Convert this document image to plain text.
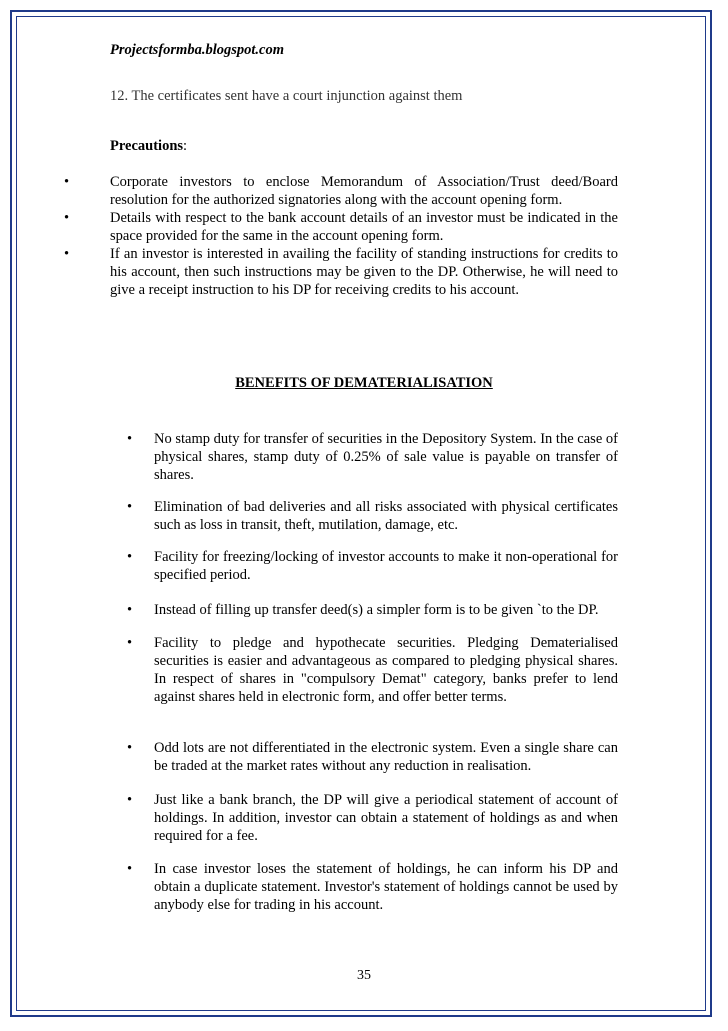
Projectsformba.blogspot.com
12. The certificates sent have a court injunction against them
Precautions:
• Corporate investors to enclose Memorandum of Association/Trust deed/Board resolution for the authorized signatories along with the account opening form.
• Details with respect to the bank account details of an investor must be indicated in the space provided for the same in the account opening form.
• If an investor is interested in availing the facility of standing instructions for credits to his account, then such instructions may be given to the DP. Otherwise, he will need to give a receipt instruction to his DP for receiving credits to his account.
BENEFITS OF DEMATERIALISATION

• No stamp duty for transfer of securities in the Depository System. In the case of physical shares, stamp duty of 0.25% of sale value is payable on transfer of shares.

• Elimination of bad deliveries and all risks associated with physical certificates such as loss in transit, theft, mutilation, damage, etc.

• Facility for freezing/locking of investor accounts to make it non-operational for specified period.

• Instead of filling up transfer deed(s) a simpler form is to be given `to the DP.

• Facility to pledge and hypothecate securities. Pledging Dematerialised securities is easier and advantageous as compared to pledging physical shares. In respect of shares in "compulsory Demat" category, banks prefer to lend against shares held in electronic form, and offer better terms.

• Odd lots are not differentiated in the electronic system. Even a single share can be traded at the market rates without any reduction in realisation.

• Just like a bank branch, the DP will give a periodical statement of account of holdings. In addition, investor can obtain a statement of holdings as and when required for a fee.

• In case investor loses the statement of holdings, he can inform his DP and obtain a duplicate statement. Investor's statement of holdings cannot be used by anybody else for trading in his account.

35
